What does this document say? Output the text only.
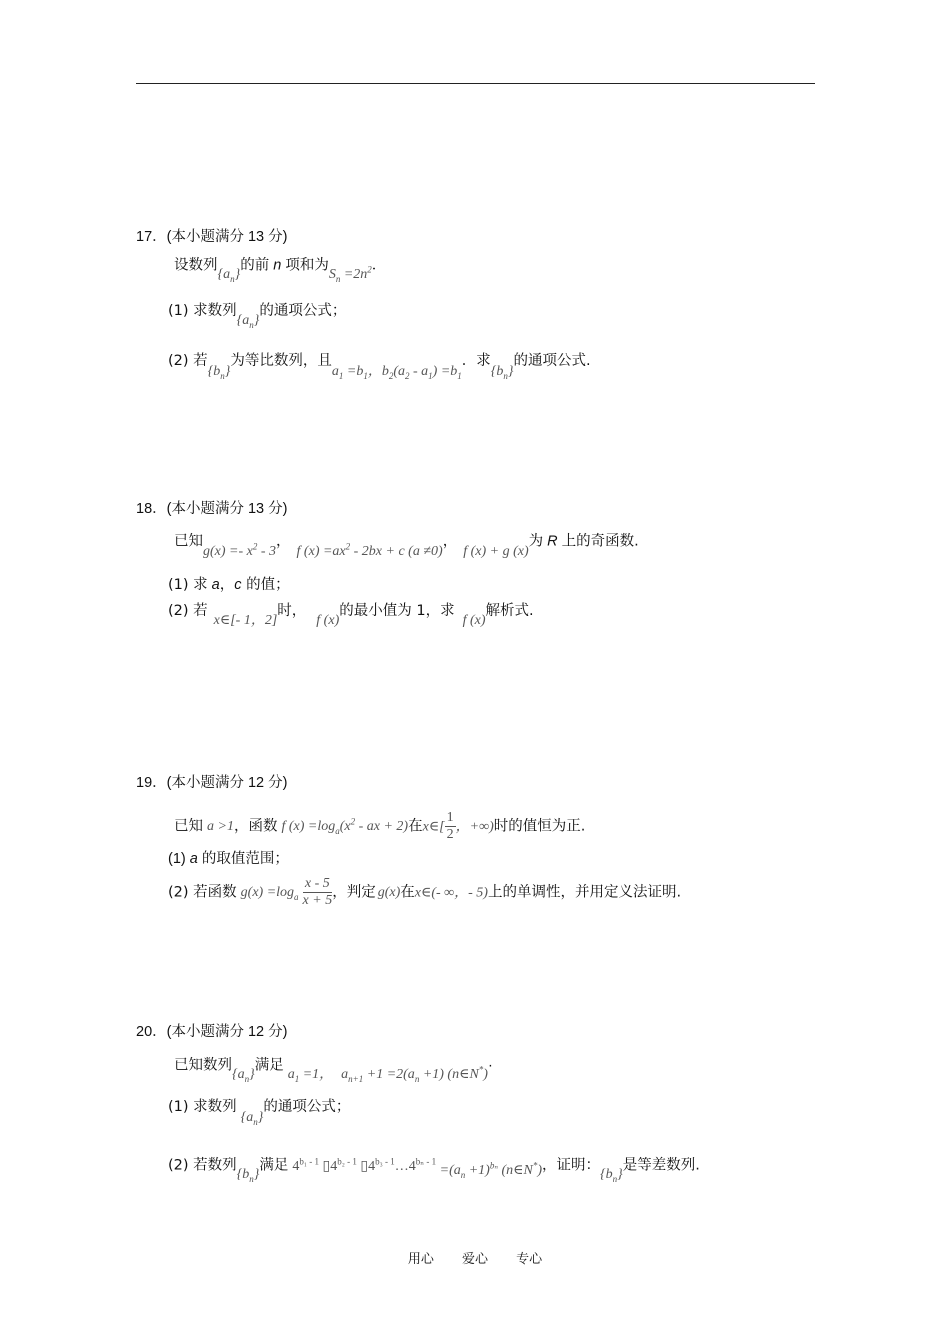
17．(本小题满分 13 分)
设数列$\{a_n\}$的前 n 项和为$S_n =2n^2$．
(1) 求数列$\{a_n\}$的通项公式；
(2) 若$\{b_n\}$为等比数列，且$a_1 =b_1$，$b_2(a_2 - a_1) =b_1$．求$\{b_n\}$的通项公式.
18．(本小题满分 13 分)
已知$g(x) =- x^2 - 3$，f $(x) =ax^2 - 2bx + c$ (a ≠0)，f (x) + g (x)为 R 上的奇函数.
(1) 求 a，c 的值；
(2) 若x∈[- 1，2]时，f (x)的最小值为 1，求f (x)解析式.
19．(本小题满分 12 分)
已知 a >1，函数 f $(x) =\log_a(x^2$ - ax + 2)在x∈[ $\frac{1}{2}$ ，+∞)时的值恒为正.
(1) a 的取值范围；
(2) 若函数 $g(x) =\log_a \frac{x - 5}{x + 5}$ ，判定 g(x)在x∈(- ∞，- 5)上的单调性，并用定义法证明.
20．(本小题满分 12 分)
已知数列$\{a_n\}$满足$a_1 =1$， $a_{n+1} +1 =2(a_n +1)$ (n∈N*)·
(1) 求数列$\{a_n\}$的通项公式；
(2) 若数列$\{b_n\}$满足 $4^{b_1 - 1}$ $▯4^{b_2 - 1}$ $▯4^{b_3 - 1}\dots 4^{b_n - 1} =(a_n +1)^{b_n}$ (n∈N*)，证明：$\{b_n\}$是等差数列.
用心 爱心 专心
